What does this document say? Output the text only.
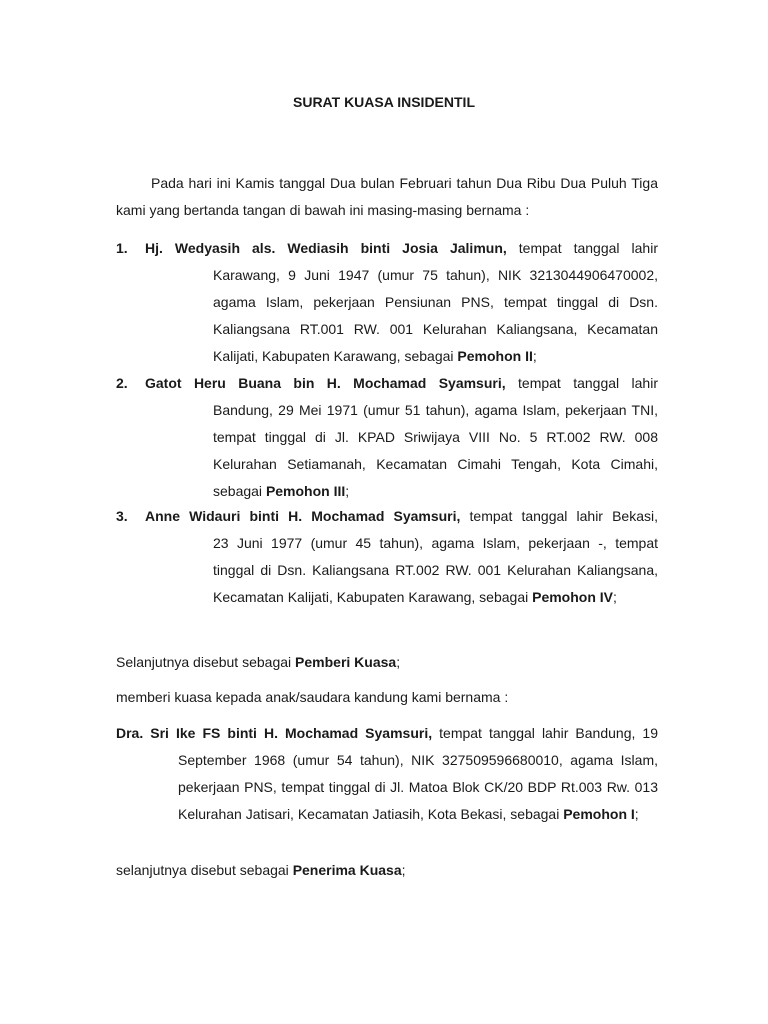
SURAT KUASA INSIDENTIL
Pada hari ini Kamis tanggal Dua bulan Februari tahun Dua Ribu Dua Puluh Tiga kami yang bertanda tangan di bawah ini masing-masing bernama :
1. Hj. Wedyasih als. Wediasih binti Josia Jalimun, tempat tanggal lahir
Karawang, 9 Juni 1947 (umur 75 tahun), NIK 3213044906470002, agama Islam, pekerjaan Pensiunan PNS, tempat tinggal di Dsn. Kaliangsana RT.001 RW. 001 Kelurahan Kaliangsana, Kecamatan Kalijati, Kabupaten Karawang, sebagai Pemohon II;
2. Gatot Heru Buana bin H. Mochamad Syamsuri, tempat tanggal lahir
Bandung, 29 Mei 1971 (umur 51 tahun), agama Islam, pekerjaan TNI, tempat tinggal di Jl. KPAD Sriwijaya VIII No. 5 RT.002 RW. 008 Kelurahan Setiamanah, Kecamatan Cimahi Tengah, Kota Cimahi, sebagai Pemohon III;
3. Anne Widauri binti H. Mochamad Syamsuri, tempat tanggal lahir Bekasi,
23 Juni 1977 (umur 45 tahun), agama Islam, pekerjaan -, tempat tinggal di Dsn. Kaliangsana RT.002 RW. 001 Kelurahan Kaliangsana, Kecamatan Kalijati, Kabupaten Karawang, sebagai Pemohon IV;
Selanjutnya disebut sebagai Pemberi Kuasa;
memberi kuasa kepada anak/saudara kandung kami bernama :
Dra. Sri Ike FS binti H. Mochamad Syamsuri, tempat tanggal lahir Bandung, 19
September 1968 (umur 54 tahun), NIK 327509596680010, agama Islam, pekerjaan PNS, tempat tinggal di Jl. Matoa Blok CK/20 BDP Rt.003 Rw. 013 Kelurahan Jatisari, Kecamatan Jatiasih, Kota Bekasi, sebagai Pemohon I;
selanjutnya disebut sebagai Penerima Kuasa;
